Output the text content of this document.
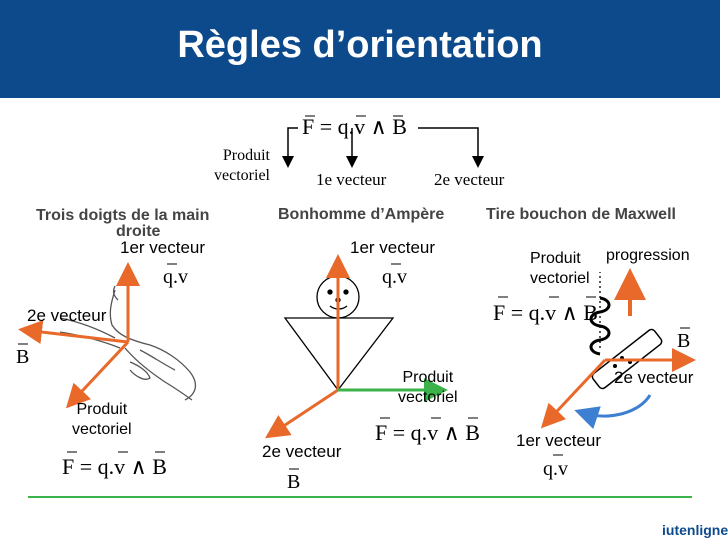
Règles d’orientation
Produit
vectoriel
F = q.v ∧ B
1e vecteur	2e vecteur
Trois doigts de la main
droite
1er vecteur
q.v
2e vecteur
B
Produit
vectoriel
F = q.v ∧ B
Bonhomme d’Ampère
1er vecteur
q.v
Produit
vectoriel
F = q.v ∧ B
2e vecteur
B
Tire bouchon de Maxwell
Produit
vectoriel
progression
F = q.v ∧ B
B
2e vecteur
1er vecteur
q.v
iutenligne
